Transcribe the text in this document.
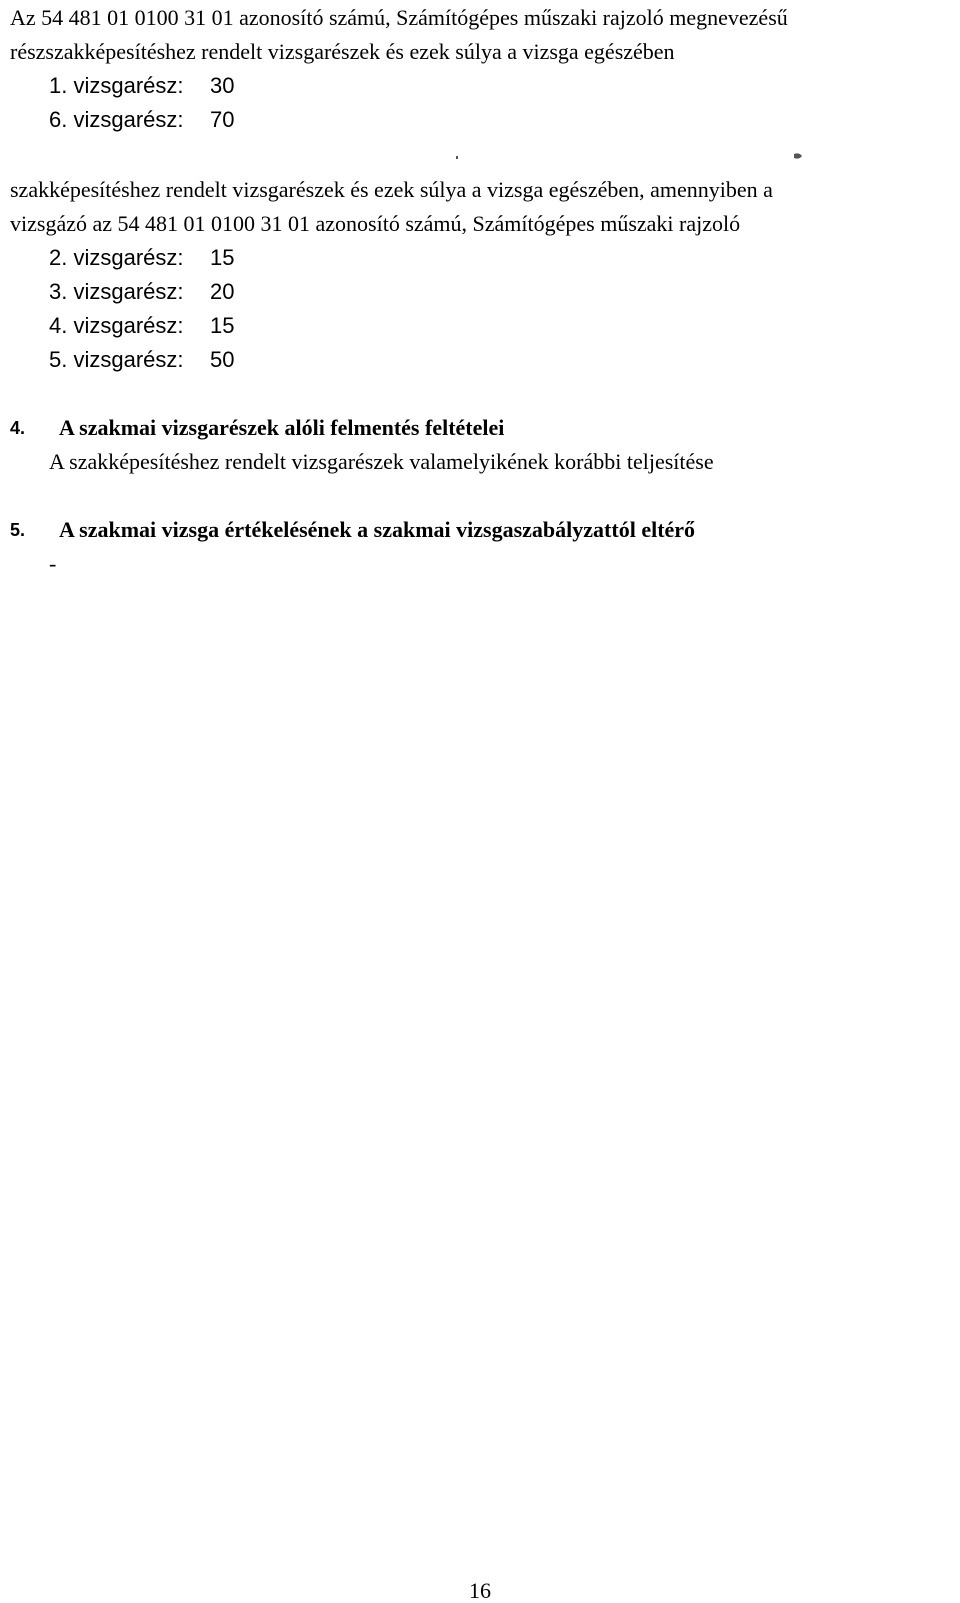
Az 54 481 01 0100 31 01 azonosító számú, Számítógépes műszaki rajzoló megnevezésű
részszakképesítéshez rendelt vizsgarészek és ezek súlya a vizsga egészében
1. vizsgarész: 30
6. vizsgarész: 70
szakképesítéshez rendelt vizsgarészek és ezek súlya a vizsga egészében, amennyiben a
vizsgázó az 54 481 01 0100 31 01 azonosító számú, Számítógépes műszaki rajzoló
2. vizsgarész: 15
3. vizsgarész: 20
4. vizsgarész: 15
5. vizsgarész: 50
4. A szakmai vizsgarészek alóli felmentés feltételei
A szakképesítéshez rendelt vizsgarészek valamelyikének korábbi teljesítése
5. A szakmai vizsga értékelésének a szakmai vizsgaszabályzattól eltérő
-
16
